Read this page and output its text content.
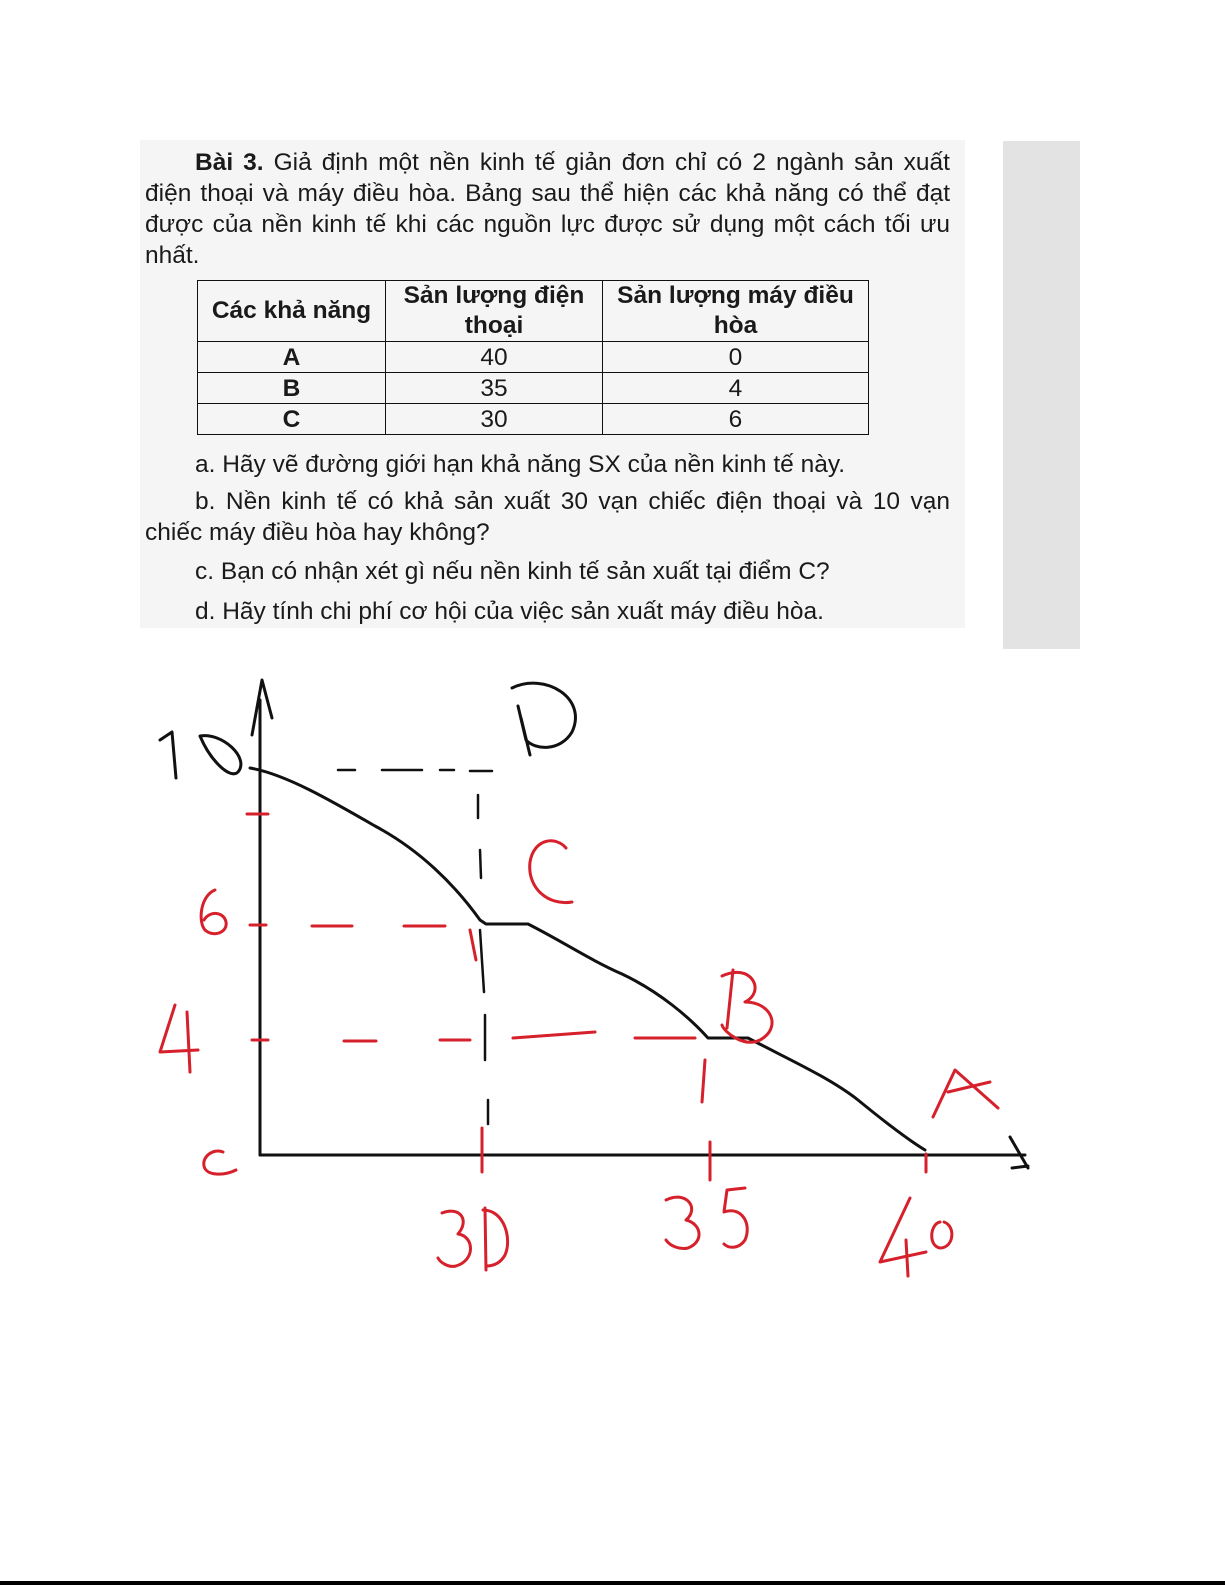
Bài 3. Giả định một nền kinh tế giản đơn chỉ có 2 ngành sản xuất điện thoại và máy điều hòa. Bảng sau thể hiện các khả năng có thể đạt được của nền kinh tế khi các nguồn lực được sử dụng một cách tối ưu nhất.

Các khả năng	Sản lượng điện thoại	Sản lượng máy điều hòa
A	40	0
B	35	4
C	30	6

a. Hãy vẽ đường giới hạn khả năng SX của nền kinh tế này.

b. Nền kinh tế có khả sản xuất 30 vạn chiếc điện thoại và 10 vạn chiếc máy điều hòa hay không?

c. Bạn có nhận xét gì nếu nền kinh tế sản xuất tại điểm C?

d. Hãy tính chi phí cơ hội của việc sản xuất máy điều hòa.
